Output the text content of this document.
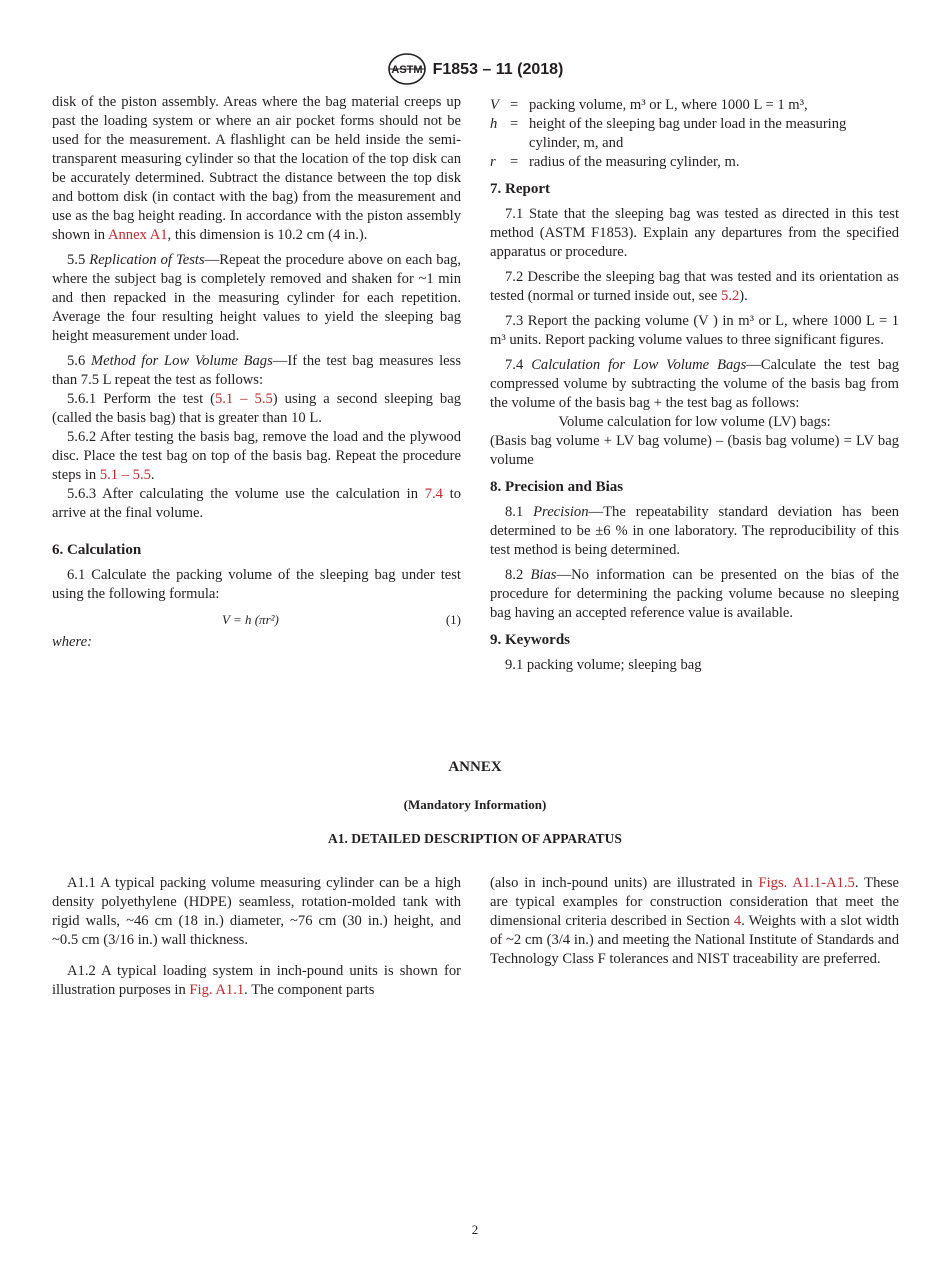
ASTM F1853 – 11 (2018)

disk of the piston assembly. Areas where the bag material creeps up past the loading system or where an air pocket forms should not be used for the measurement. A flashlight can be held inside the semi-transparent measuring cylinder so that the location of the top disk can be accurately determined. Subtract the distance between the top disk and bottom disk (in contact with the bag) from the measurement and use as the bag height reading. In accordance with the piston assembly shown in Annex A1, this dimension is 10.2 cm (4 in.).

5.5 Replication of Tests—Repeat the procedure above on each bag, where the subject bag is completely removed and shaken for ~1 min and then repacked in the measuring cylinder for each repetition. Average the four resulting height values to yield the sleeping bag height measurement under load.

5.6 Method for Low Volume Bags—If the test bag measures less than 7.5 L repeat the test as follows:

5.6.1 Perform the test (5.1 – 5.5) using a second sleeping bag (called the basis bag) that is greater than 10 L.

5.6.2 After testing the basis bag, remove the load and the plywood disc. Place the test bag on top of the basis bag. Repeat the procedure steps in 5.1 – 5.5.

5.6.3 After calculating the volume use the calculation in 7.4 to arrive at the final volume.

6. Calculation

6.1 Calculate the packing volume of the sleeping bag under test using the following formula:

V = h (πr²)	(1)

where:

V = packing volume, m³ or L, where 1000 L = 1 m³,
h = height of the sleeping bag under load in the measuring cylinder, m, and
r = radius of the measuring cylinder, m.
7. Report

7.1 State that the sleeping bag was tested as directed in this test method (ASTM F1853). Explain any departures from the specified apparatus or procedure.

7.2 Describe the sleeping bag that was tested and its orientation as tested (normal or turned inside out, see 5.2).

7.3 Report the packing volume (V ) in m³ or L, where 1000 L = 1 m³ units. Report packing volume values to three significant figures.

7.4 Calculation for Low Volume Bags—Calculate the test bag compressed volume by subtracting the volume of the basis bag from the volume of the basis bag + the test bag as follows:

Volume calculation for low volume (LV) bags:

(Basis bag volume + LV bag volume) – (basis bag volume) = LV bag volume

8. Precision and Bias

8.1 Precision—The repeatability standard deviation has been determined to be ±6 % in one laboratory. The reproducibility of this test method is being determined.

8.2 Bias—No information can be presented on the bias of the procedure for determining the packing volume because no sleeping bag having an accepted reference value is available.

9. Keywords

9.1 packing volume; sleeping bag

ANNEX
(Mandatory Information)
A1. DETAILED DESCRIPTION OF APPARATUS

A1.1 A typical packing volume measuring cylinder can be a high density polyethylene (HDPE) seamless, rotation-molded tank with rigid walls, ~46 cm (18 in.) diameter, ~76 cm (30 in.) height, and ~0.5 cm (3/16 in.) wall thickness.

A1.2 A typical loading system in inch-pound units is shown for illustration purposes in Fig. A1.1. The component parts

(also in inch-pound units) are illustrated in Figs. A1.1-A1.5. These are typical examples for construction consideration that meet the dimensional criteria described in Section 4. Weights with a slot width of ~2 cm (3/4 in.) and meeting the National Institute of Standards and Technology Class F tolerances and NIST traceability are preferred.

2
